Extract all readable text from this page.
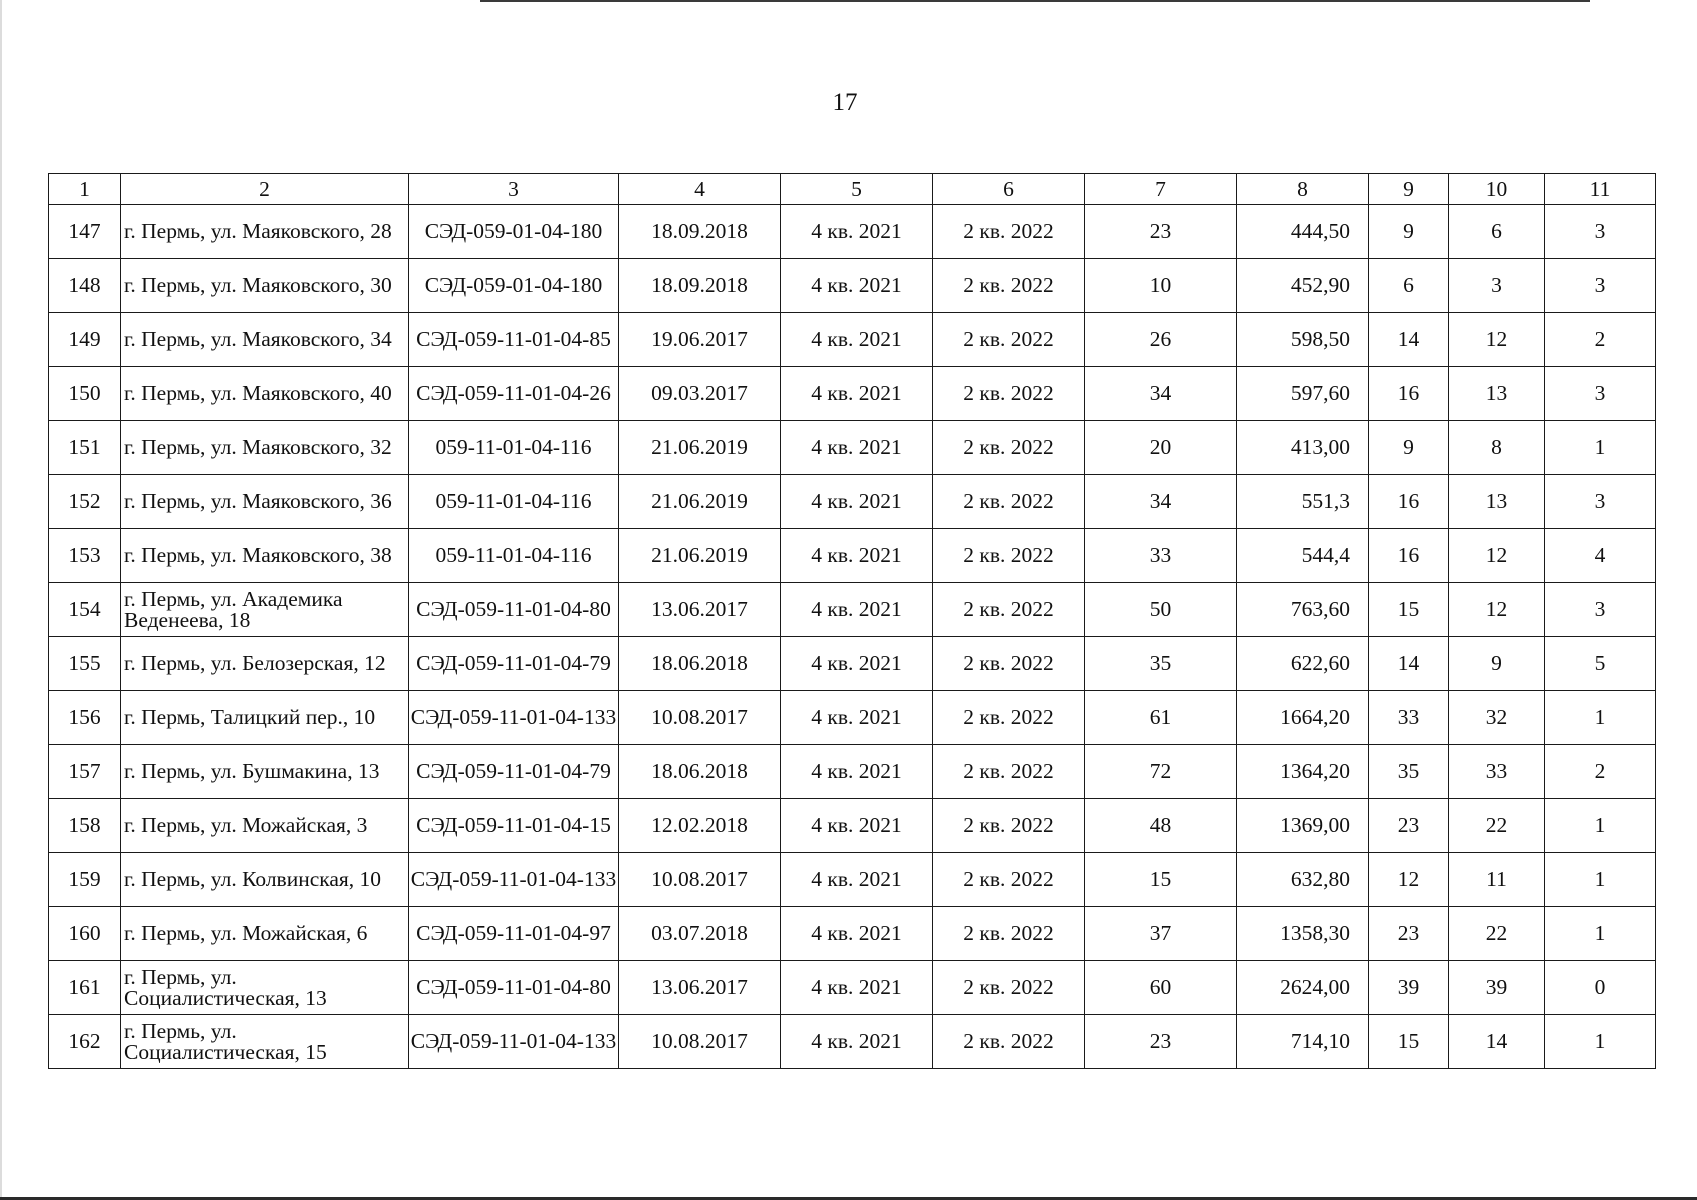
17
1	2	3	4	5	6	7	8	9	10	11
147	г. Пермь, ул. Маяковского, 28	СЭД-059-01-04-180	18.09.2018	4 кв. 2021	2 кв. 2022	23	444,50	9	6	3
148	г. Пермь, ул. Маяковского, 30	СЭД-059-01-04-180	18.09.2018	4 кв. 2021	2 кв. 2022	10	452,90	6	3	3
149	г. Пермь, ул. Маяковского, 34	СЭД-059-11-01-04-85	19.06.2017	4 кв. 2021	2 кв. 2022	26	598,50	14	12	2
150	г. Пермь, ул. Маяковского, 40	СЭД-059-11-01-04-26	09.03.2017	4 кв. 2021	2 кв. 2022	34	597,60	16	13	3
151	г. Пермь, ул. Маяковского, 32	059-11-01-04-116	21.06.2019	4 кв. 2021	2 кв. 2022	20	413,00	9	8	1
152	г. Пермь, ул. Маяковского, 36	059-11-01-04-116	21.06.2019	4 кв. 2021	2 кв. 2022	34	551,3	16	13	3
153	г. Пермь, ул. Маяковского, 38	059-11-01-04-116	21.06.2019	4 кв. 2021	2 кв. 2022	33	544,4	16	12	4
154	г. Пермь, ул. Академика Веденеева, 18	СЭД-059-11-01-04-80	13.06.2017	4 кв. 2021	2 кв. 2022	50	763,60	15	12	3
155	г. Пермь, ул. Белозерская, 12	СЭД-059-11-01-04-79	18.06.2018	4 кв. 2021	2 кв. 2022	35	622,60	14	9	5
156	г. Пермь, Талицкий пер., 10	СЭД-059-11-01-04-133	10.08.2017	4 кв. 2021	2 кв. 2022	61	1664,20	33	32	1
157	г. Пермь, ул. Бушмакина, 13	СЭД-059-11-01-04-79	18.06.2018	4 кв. 2021	2 кв. 2022	72	1364,20	35	33	2
158	г. Пермь, ул. Можайская, 3	СЭД-059-11-01-04-15	12.02.2018	4 кв. 2021	2 кв. 2022	48	1369,00	23	22	1
159	г. Пермь, ул. Колвинская, 10	СЭД-059-11-01-04-133	10.08.2017	4 кв. 2021	2 кв. 2022	15	632,80	12	11	1
160	г. Пермь, ул. Можайская, 6	СЭД-059-11-01-04-97	03.07.2018	4 кв. 2021	2 кв. 2022	37	1358,30	23	22	1
161	г. Пермь, ул. Социалистическая, 13	СЭД-059-11-01-04-80	13.06.2017	4 кв. 2021	2 кв. 2022	60	2624,00	39	39	0
162	г. Пермь, ул. Социалистическая, 15	СЭД-059-11-01-04-133	10.08.2017	4 кв. 2021	2 кв. 2022	23	714,10	15	14	1
